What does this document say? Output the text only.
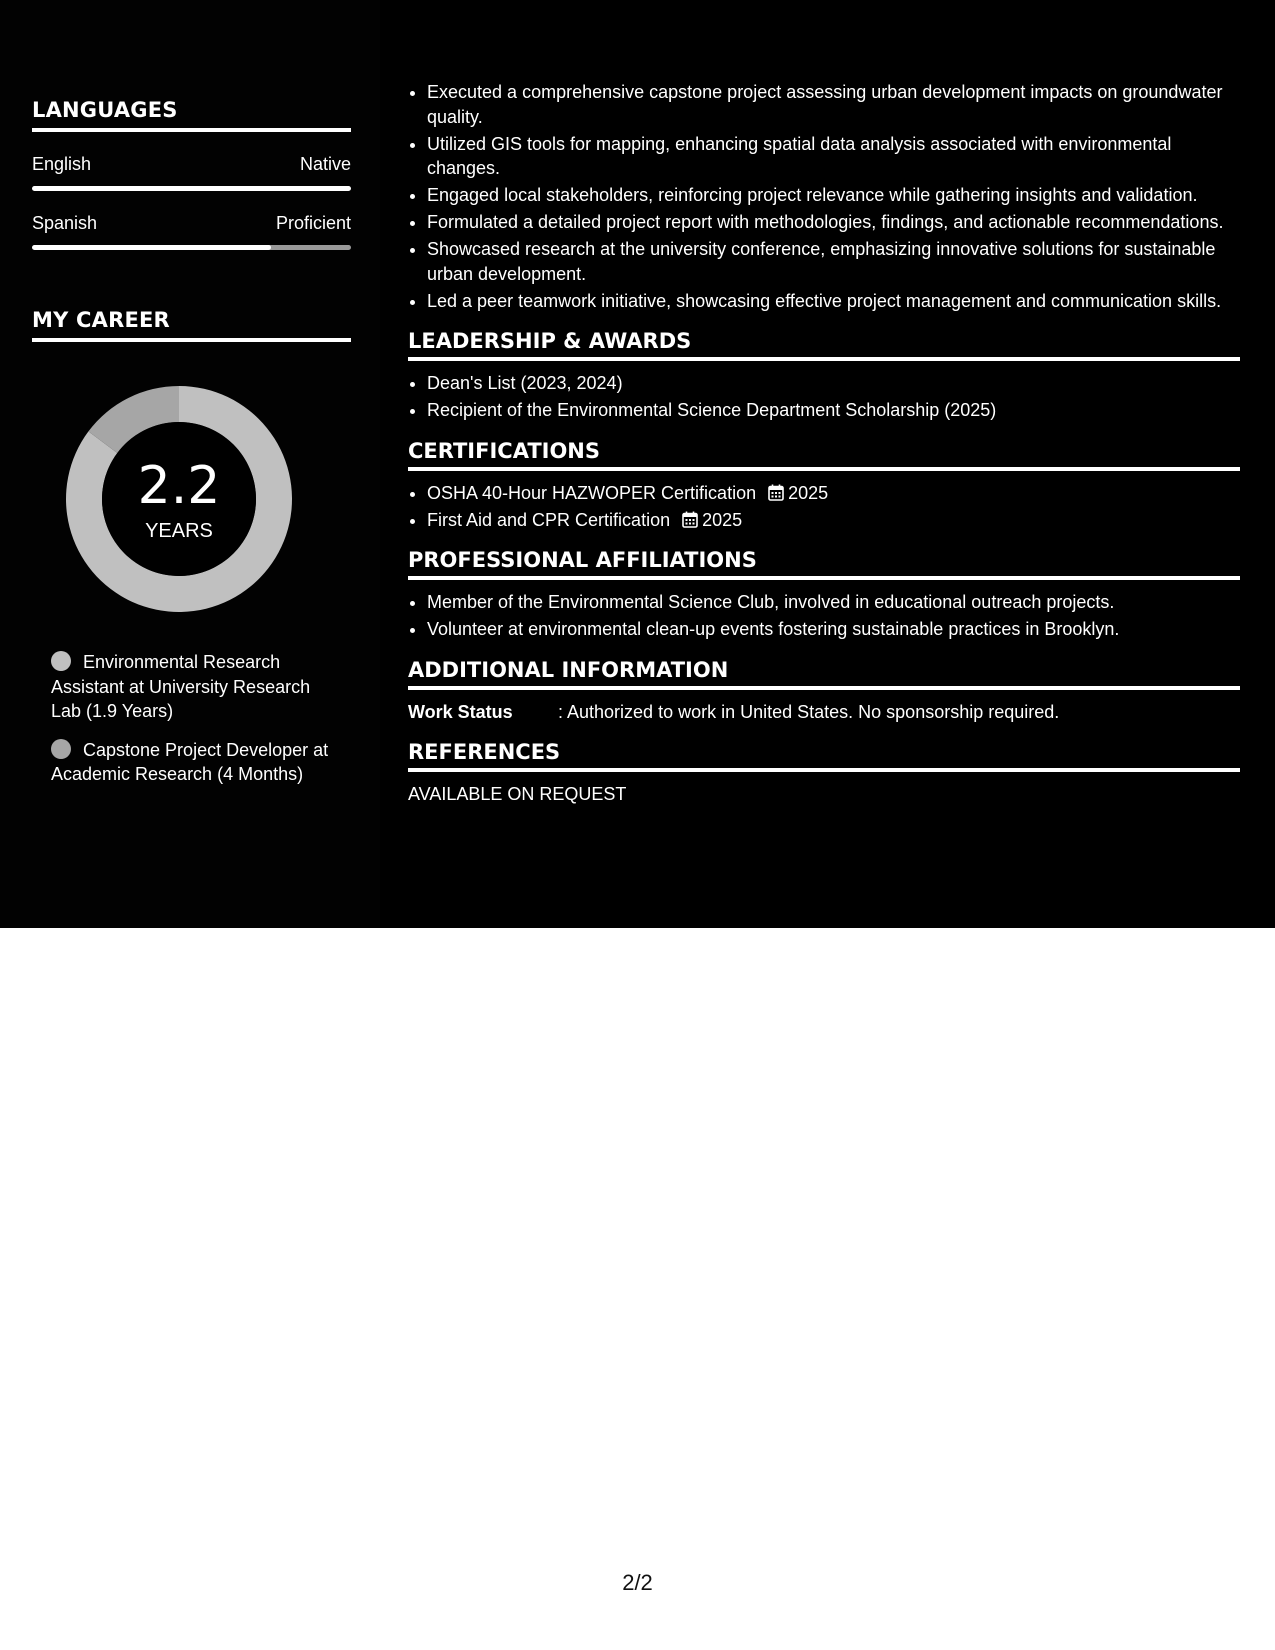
LANGUAGES
English	Native
Spanish	Proficient
MY CAREER
2.2
YEARS
Environmental Research Assistant at University Research Lab (1.9 Years)
Capstone Project Developer at Academic Research (4 Months)
• Executed a comprehensive capstone project assessing urban development impacts on groundwater quality.
• Utilized GIS tools for mapping, enhancing spatial data analysis associated with environmental changes.
• Engaged local stakeholders, reinforcing project relevance while gathering insights and validation.
• Formulated a detailed project report with methodologies, findings, and actionable recommendations.
• Showcased research at the university conference, emphasizing innovative solutions for sustainable urban development.
• Led a peer teamwork initiative, showcasing effective project management and communication skills.
LEADERSHIP & AWARDS
• Dean's List (2023, 2024)
• Recipient of the Environmental Science Department Scholarship (2025)
CERTIFICATIONS
• OSHA 40-Hour HAZWOPER Certification 2025
• First Aid and CPR Certification 2025
PROFESSIONAL AFFILIATIONS
• Member of the Environmental Science Club, involved in educational outreach projects.
• Volunteer at environmental clean-up events fostering sustainable practices in Brooklyn.
ADDITIONAL INFORMATION
Work Status	: Authorized to work in United States. No sponsorship required.
REFERENCES
AVAILABLE ON REQUEST
2/2
